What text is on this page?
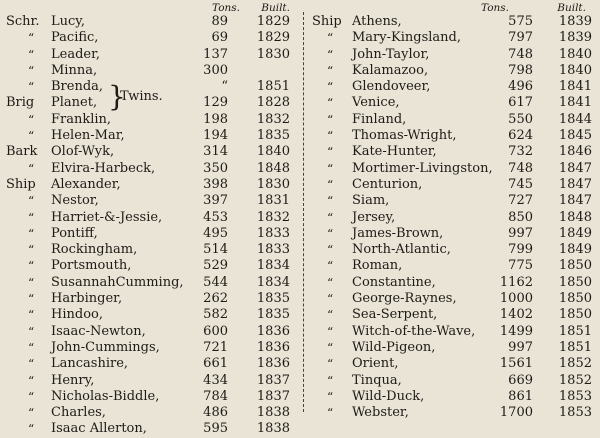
Tons.	Built.
Schr. Lucy,	89	1829
“ Pacific,	69	1829
“ Leader,	137	1830
“ Minna,	300
“ Brenda,	“	1851
Brig Planet,	129	1828
“ Franklin,	198	1832
“ Helen-Mar,	194	1835
Bark Olof-Wyk,	314	1840
“ Elvira-Harbeck,	350	1848
Ship Alexander,	398	1830
“ Nestor,	397	1831
“ Harriet-&-Jessie,	453	1832
“ Pontiff,	495	1833
“ Rockingham,	514	1833
“ Portsmouth,	529	1834
“ SusannahCumming,	544	1834
“ Harbinger,	262	1835
“ Hindoo,	582	1835
“ Isaac-Newton,	600	1836
“ John-Cummings,	721	1836
“ Lancashire,	661	1836
“ Henry,	434	1837
“ Nicholas-Biddle,	784	1837
“ Charles,	486	1838
“ Isaac Allerton,	595	1838
Tons.	Built.
Ship Athens,	575	1839
“ Mary-Kingsland,	797	1839
“ John-Taylor,	748	1840
“ Kalamazoo,	798	1840
“ Glendoveer,	496	1841
“ Venice,	617	1841
“ Finland,	550	1844
“ Thomas-Wright,	624	1845
“ Kate-Hunter,	732	1846
“ Mortimer-Livingston,	748	1847
“ Centurion,	745	1847
“ Siam,	727	1847
“ Jersey,	850	1848
“ James-Brown,	997	1849
“ North-Atlantic,	799	1849
“ Roman,	775	1850
“ Constantine,	1162	1850
“ George-Raynes,	1000	1850
“ Sea-Serpent,	1402	1850
“ Witch-of-the-Wave,	1499	1851
“ Wild-Pigeon,	997	1851
“ Orient,	1561	1852
“ Tinqua,	669	1852
“ Wild-Duck,	861	1853
“ Webster,	1700	1853
}
Twins.
